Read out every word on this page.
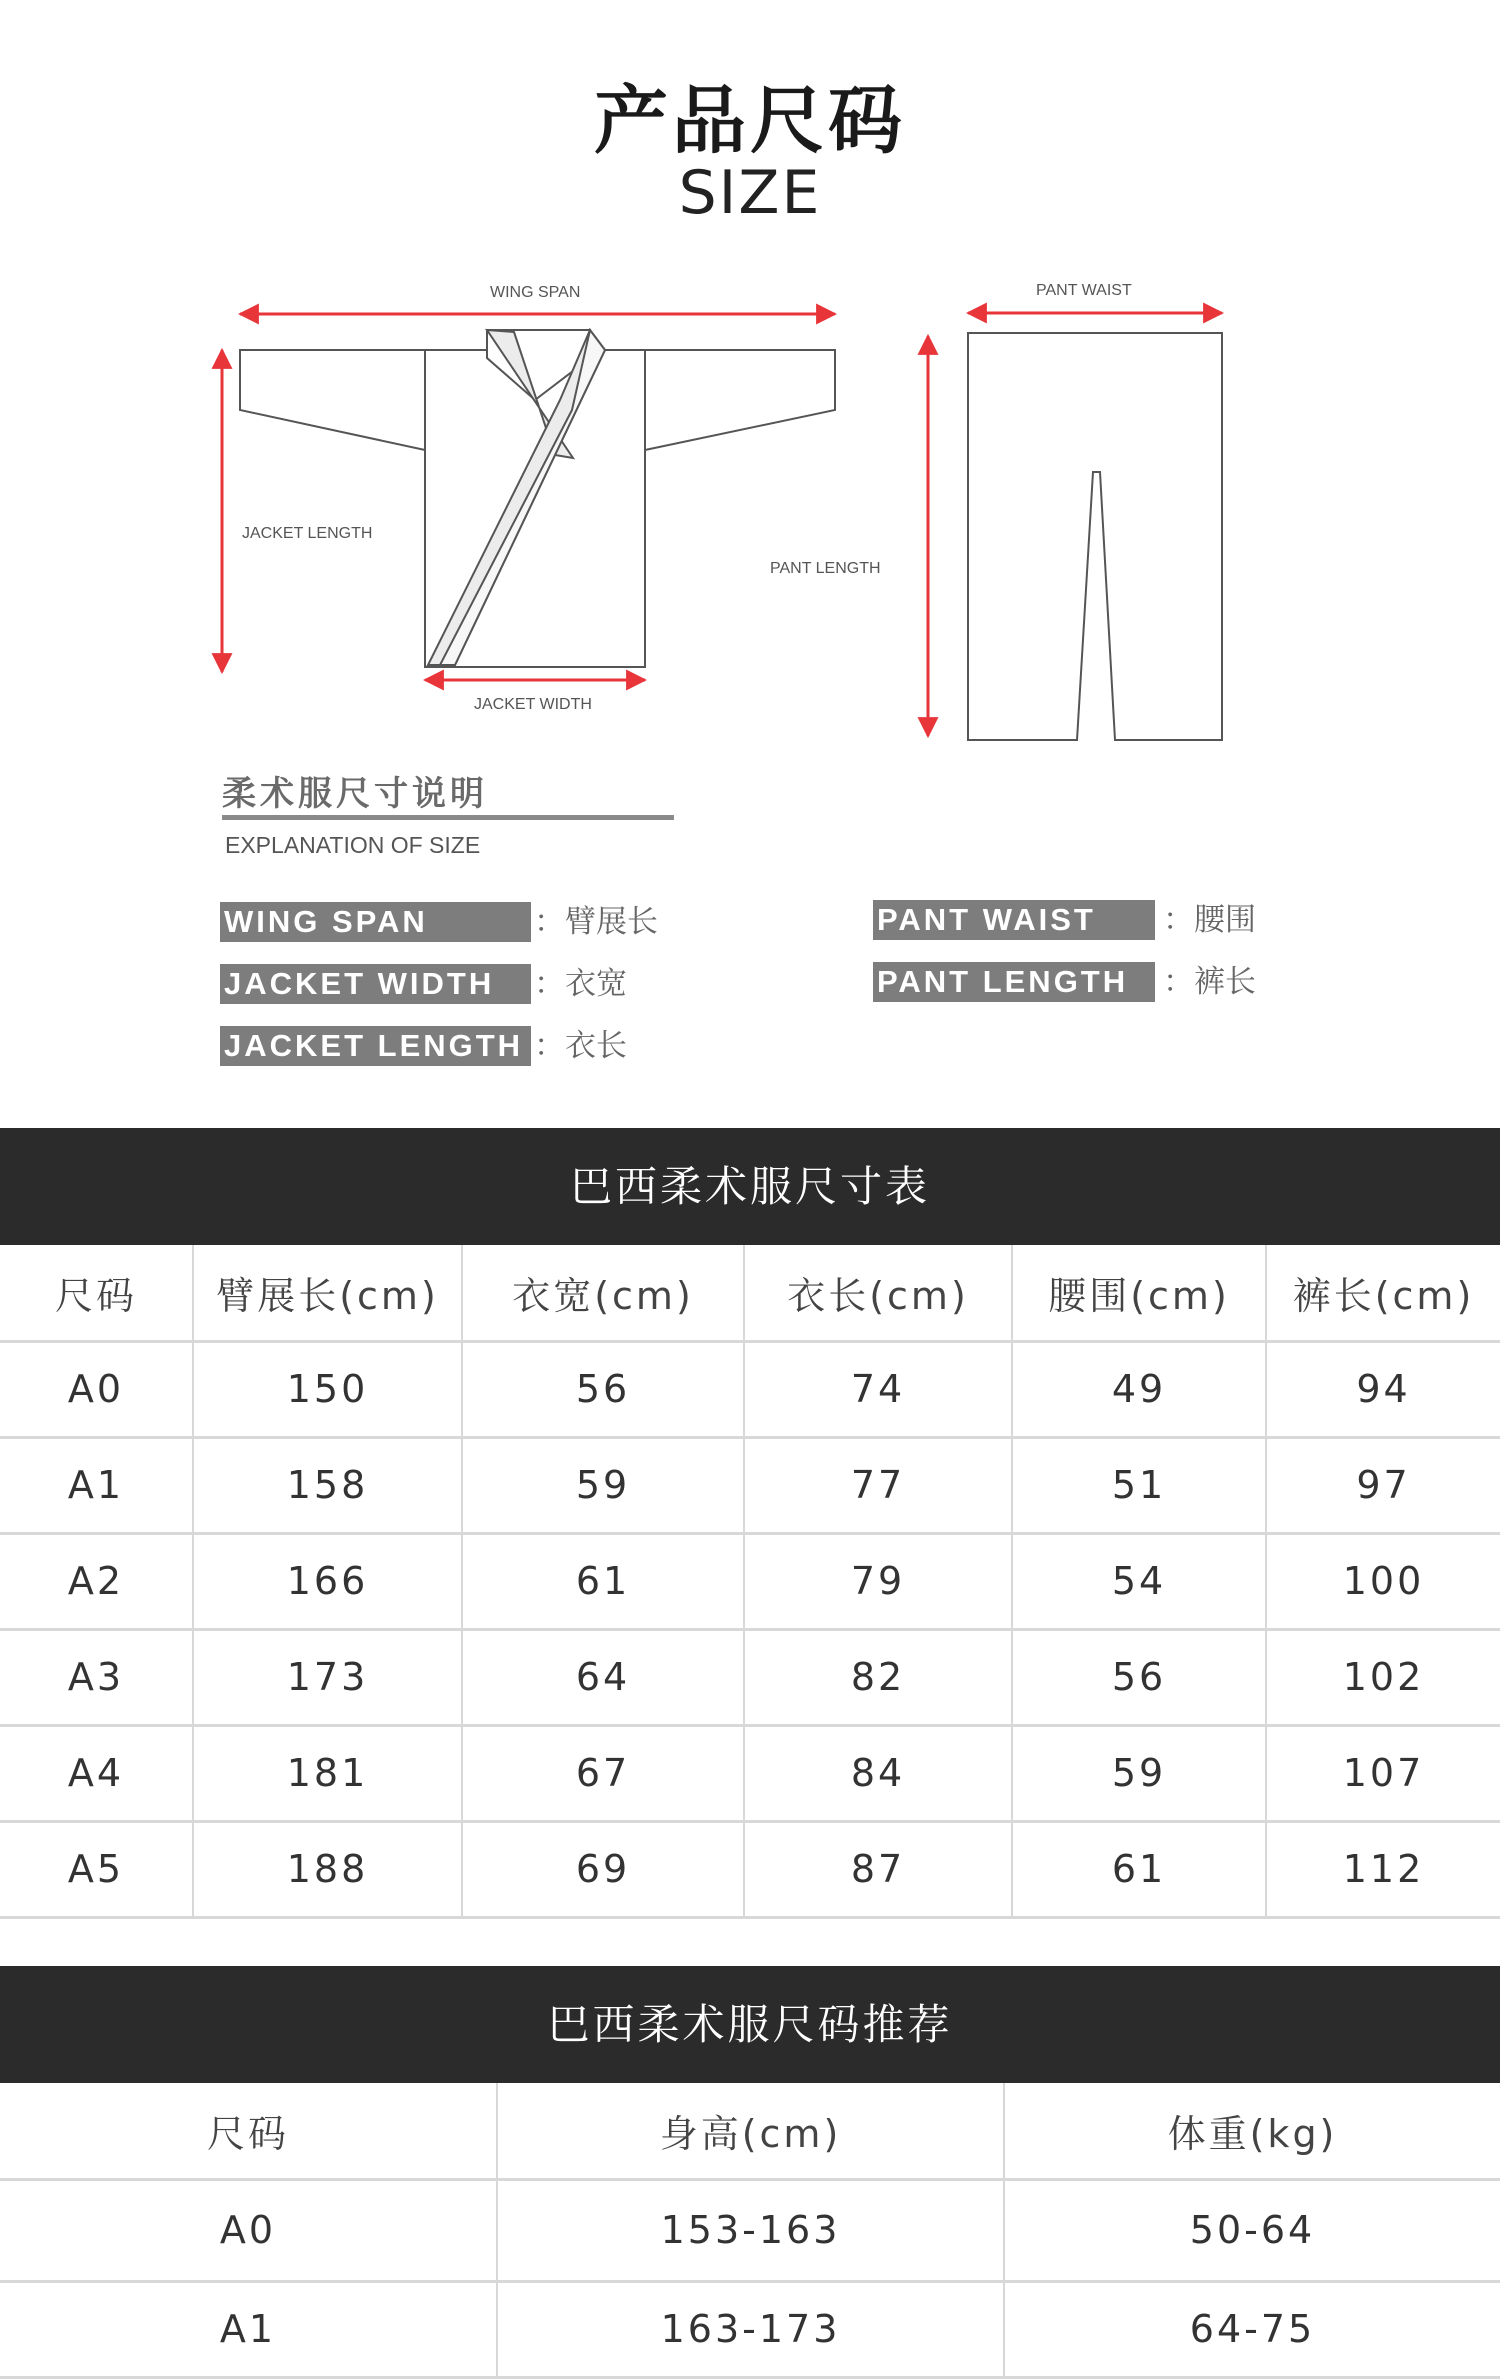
产品尺码
SIZE
WING SPAN
JACKET LENGTH
JACKET WIDTH
PANT WAIST
PANT LENGTH
柔术服尺寸说明
EXPLANATION OF SIZE
WING SPAN	：臂展长
JACKET WIDTH	：衣宽
JACKET LENGTH ：衣长
PANT WAIST	：腰围
PANT LENGTH	：裤长
巴西柔术服尺寸表
尺码	臂展长(cm)	衣宽(cm)	衣长(cm)	腰围(cm)	裤长(cm)
A0	150	56	74	49	94
A1	158	59	77	51	97
A2	166	61	79	54	100
A3	173	64	82	56	102
A4	181	67	84	59	107
A5	188	69	87	61	112
巴西柔术服尺码推荐
尺码	身高(cm)	体重(kg)
A0	153-163	50-64
A1	163-173	64-75
